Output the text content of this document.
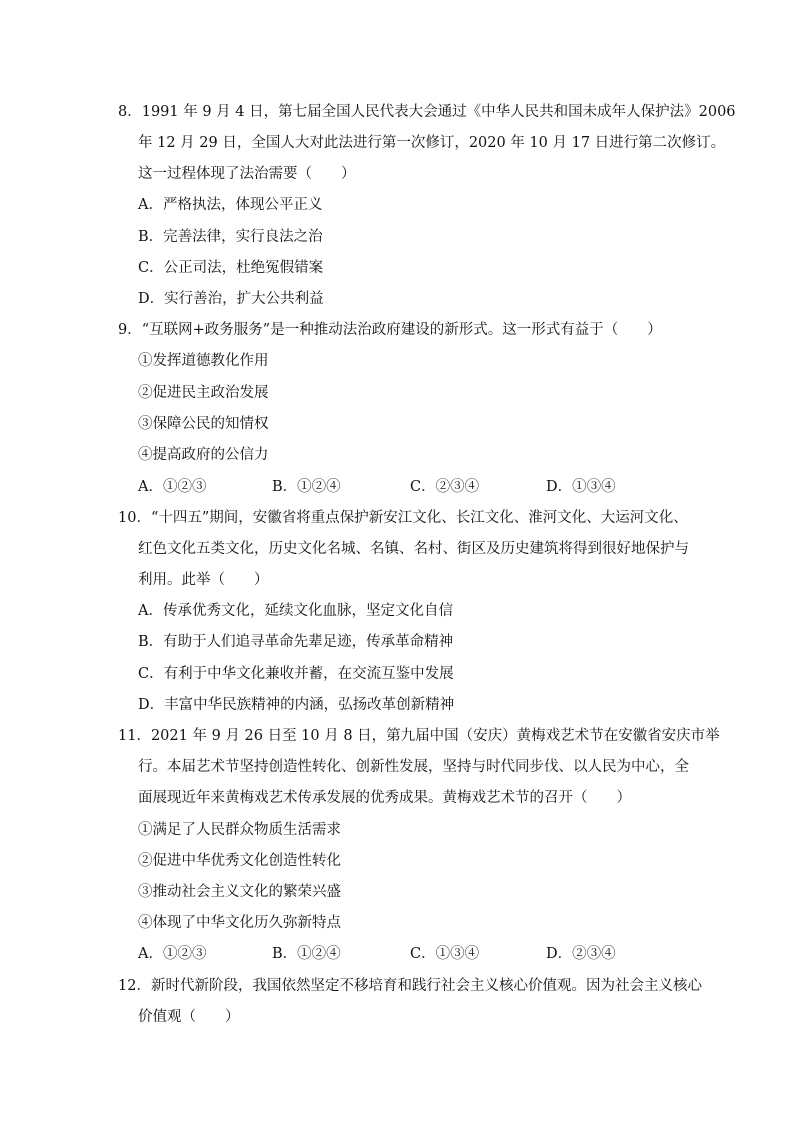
8．1991 年 9 月 4 日，第七届全国人民代表大会通过《中华人民共和国未成年人保护法》2006
年 12 月 29 日，全国人大对此法进行第一次修订，2020 年 10 月 17 日进行第二次修订。
这一过程体现了法治需要（　　）
A．严格执法，体现公平正义
B．完善法律，实行良法之治
C．公正司法，杜绝冤假错案
D．实行善治，扩大公共利益
9．“互联网+政务服务”是一种推动法治政府建设的新形式。这一形式有益于（　　）
①发挥道德教化作用
②促进民主政治发展
③保障公民的知情权
④提高政府的公信力
A．①②③	B．①②④	C．②③④	D．①③④
10．“十四五”期间，安徽省将重点保护新安江文化、长江文化、淮河文化、大运河文化、
红色文化五类文化，历史文化名城、名镇、名村、街区及历史建筑将得到很好地保护与
利用。此举（　　）
A．传承优秀文化，延续文化血脉，坚定文化自信
B．有助于人们追寻革命先辈足迹，传承革命精神
C．有利于中华文化兼收并蓄，在交流互鉴中发展
D．丰富中华民族精神的内涵，弘扬改革创新精神
11．2021 年 9 月 26 日至 10 月 8 日，第九届中国（安庆）黄梅戏艺术节在安徽省安庆市举
行。本届艺术节坚持创造性转化、创新性发展，坚持与时代同步伐、以人民为中心，全
面展现近年来黄梅戏艺术传承发展的优秀成果。黄梅戏艺术节的召开（　　）
①满足了人民群众物质生活需求
②促进中华优秀文化创造性转化
③推动社会主义文化的繁荣兴盛
④体现了中华文化历久弥新特点
A．①②③	B．①②④	C．①③④	D．②③④
12．新时代新阶段，我国依然坚定不移培育和践行社会主义核心价值观。因为社会主义核心
价值观（　　）
